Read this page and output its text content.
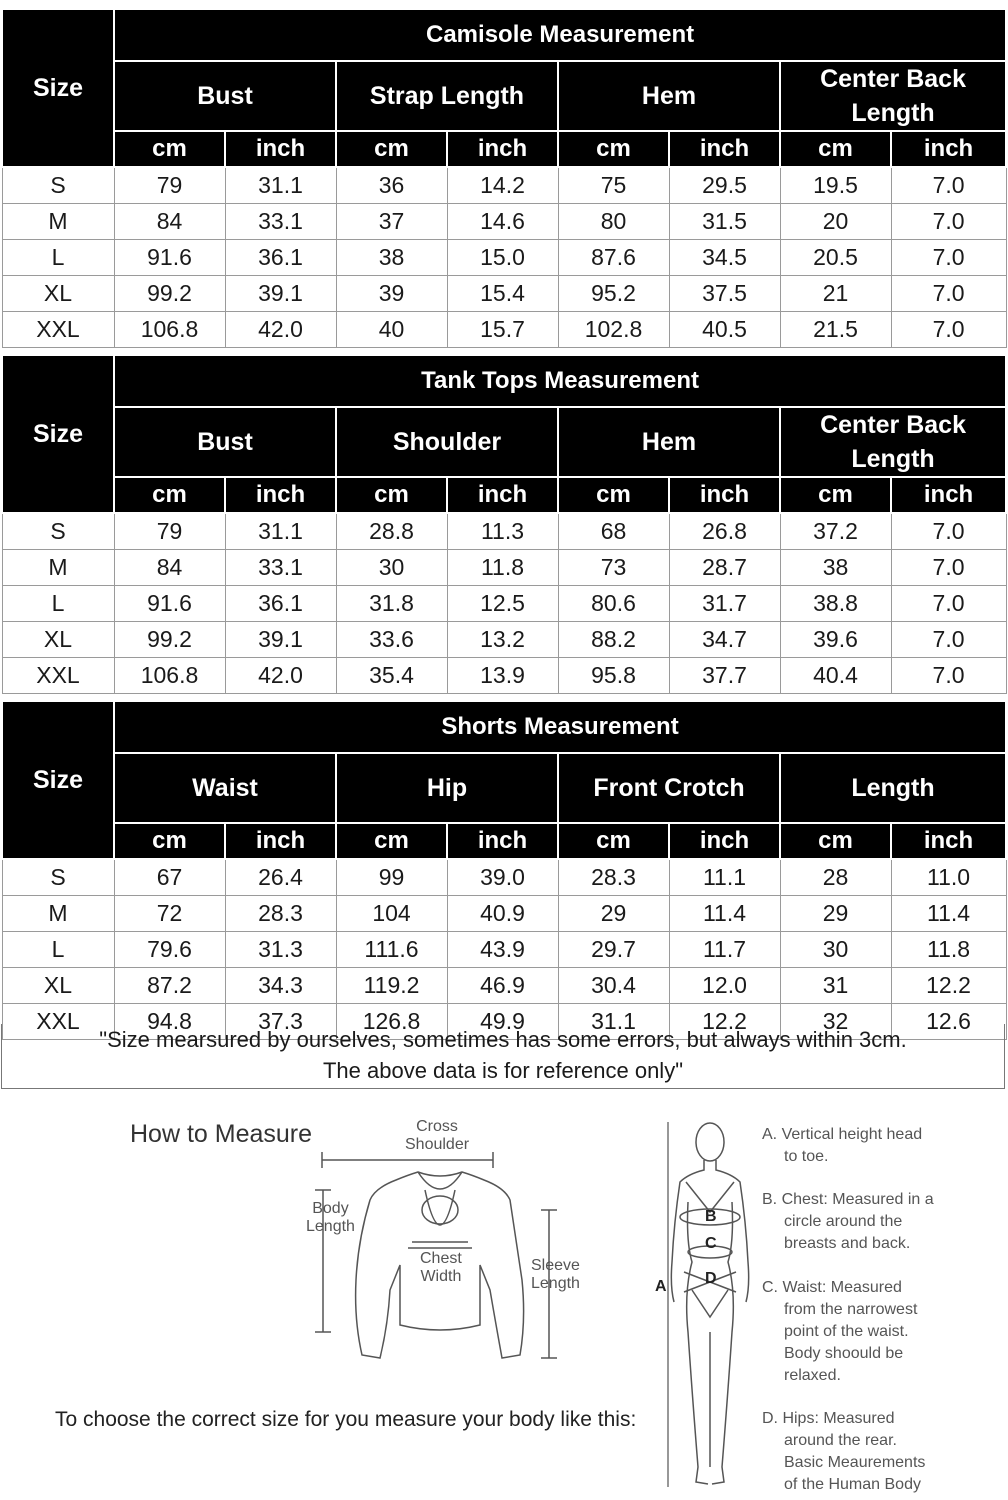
Size	Camisole Measurement							
	Bust		Strap Length		Hem		Center Back Length	
	cm	inch	cm	inch	cm	inch	cm	inch
S	79	31.1	36	14.2	75	29.5	19.5	7.0
M	84	33.1	37	14.6	80	31.5	20	7.0
L	91.6	36.1	38	15.0	87.6	34.5	20.5	7.0
XL	99.2	39.1	39	15.4	95.2	37.5	21	7.0
XXL	106.8	42.0	40	15.7	102.8	40.5	21.5	7.0
Size	Tank Tops Measurement							
	Bust		Shoulder		Hem		Center Back Length	
	cm	inch	cm	inch	cm	inch	cm	inch
S	79	31.1	28.8	11.3	68	26.8	37.2	7.0
M	84	33.1	30	11.8	73	28.7	38	7.0
L	91.6	36.1	31.8	12.5	80.6	31.7	38.8	7.0
XL	99.2	39.1	33.6	13.2	88.2	34.7	39.6	7.0
XXL	106.8	42.0	35.4	13.9	95.8	37.7	40.4	7.0
Size	Shorts Measurement							
	Waist		Hip		Front Crotch		Length	
	cm	inch	cm	inch	cm	inch	cm	inch
S	67	26.4	99	39.0	28.3	11.1	28	11.0
M	72	28.3	104	40.9	29	11.4	29	11.4
L	79.6	31.3	111.6	43.9	29.7	11.7	30	11.8
XL	87.2	34.3	119.2	46.9	30.4	12.0	31	12.2
XXL	94.8	37.3	126.8	49.9	31.1	12.2	32	12.6
"Size mearsured by ourselves, sometimes has some errors, but always within 3cm.
The above data is for reference only"
How to Measure	Cross
Shoulder
Body
Length
Chest
Width
Sleeve
Length
To choose the correct size for you measure your body like this:
A
B
C
D
A. Vertical height head
to toe.
B. Chest: Measured in a
circle around the
breasts and back.
C. Waist: Measured
from the narrowest
point of the waist.
Body shoould be
relaxed.
D. Hips: Measured
around the rear.
Basic Meaurements
of the Human Body
